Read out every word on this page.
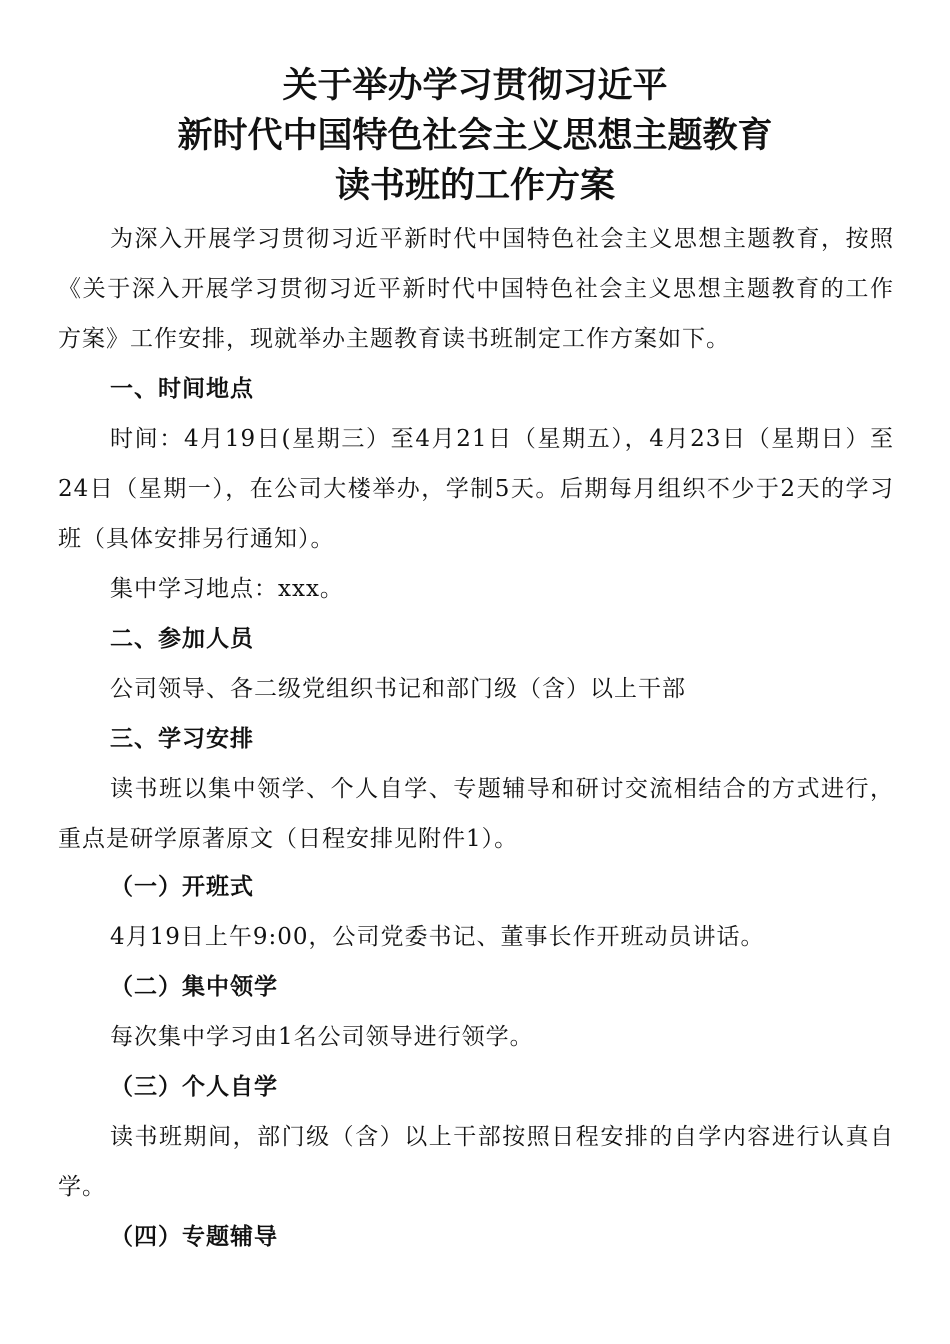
关于举办学习贯彻习近平
新时代中国特色社会主义思想主题教育
读书班的工作方案
为深入开展学习贯彻习近平新时代中国特色社会主义思想主题教育，按照《关于深入开展学习贯彻习近平新时代中国特色社会主义思想主题教育的工作方案》工作安排，现就举办主题教育读书班制定工作方案如下。
一、时间地点
时间：4月19日(星期三）至4月21日（星期五），4月23日（星期日）至24日（星期一），在公司大楼举办，学制5天。后期每月组织不少于2天的学习班（具体安排另行通知）。
集中学习地点：xxx。
二、参加人员
公司领导、各二级党组织书记和部门级（含）以上干部
三、学习安排
读书班以集中领学、个人自学、专题辅导和研讨交流相结合的方式进行，重点是研学原著原文（日程安排见附件1）。
（一）开班式
4月19日上午9:00，公司党委书记、董事长作开班动员讲话。
（二）集中领学
每次集中学习由1名公司领导进行领学。
（三）个人自学
读书班期间，部门级（含）以上干部按照日程安排的自学内容进行认真自学。
（四）专题辅导
